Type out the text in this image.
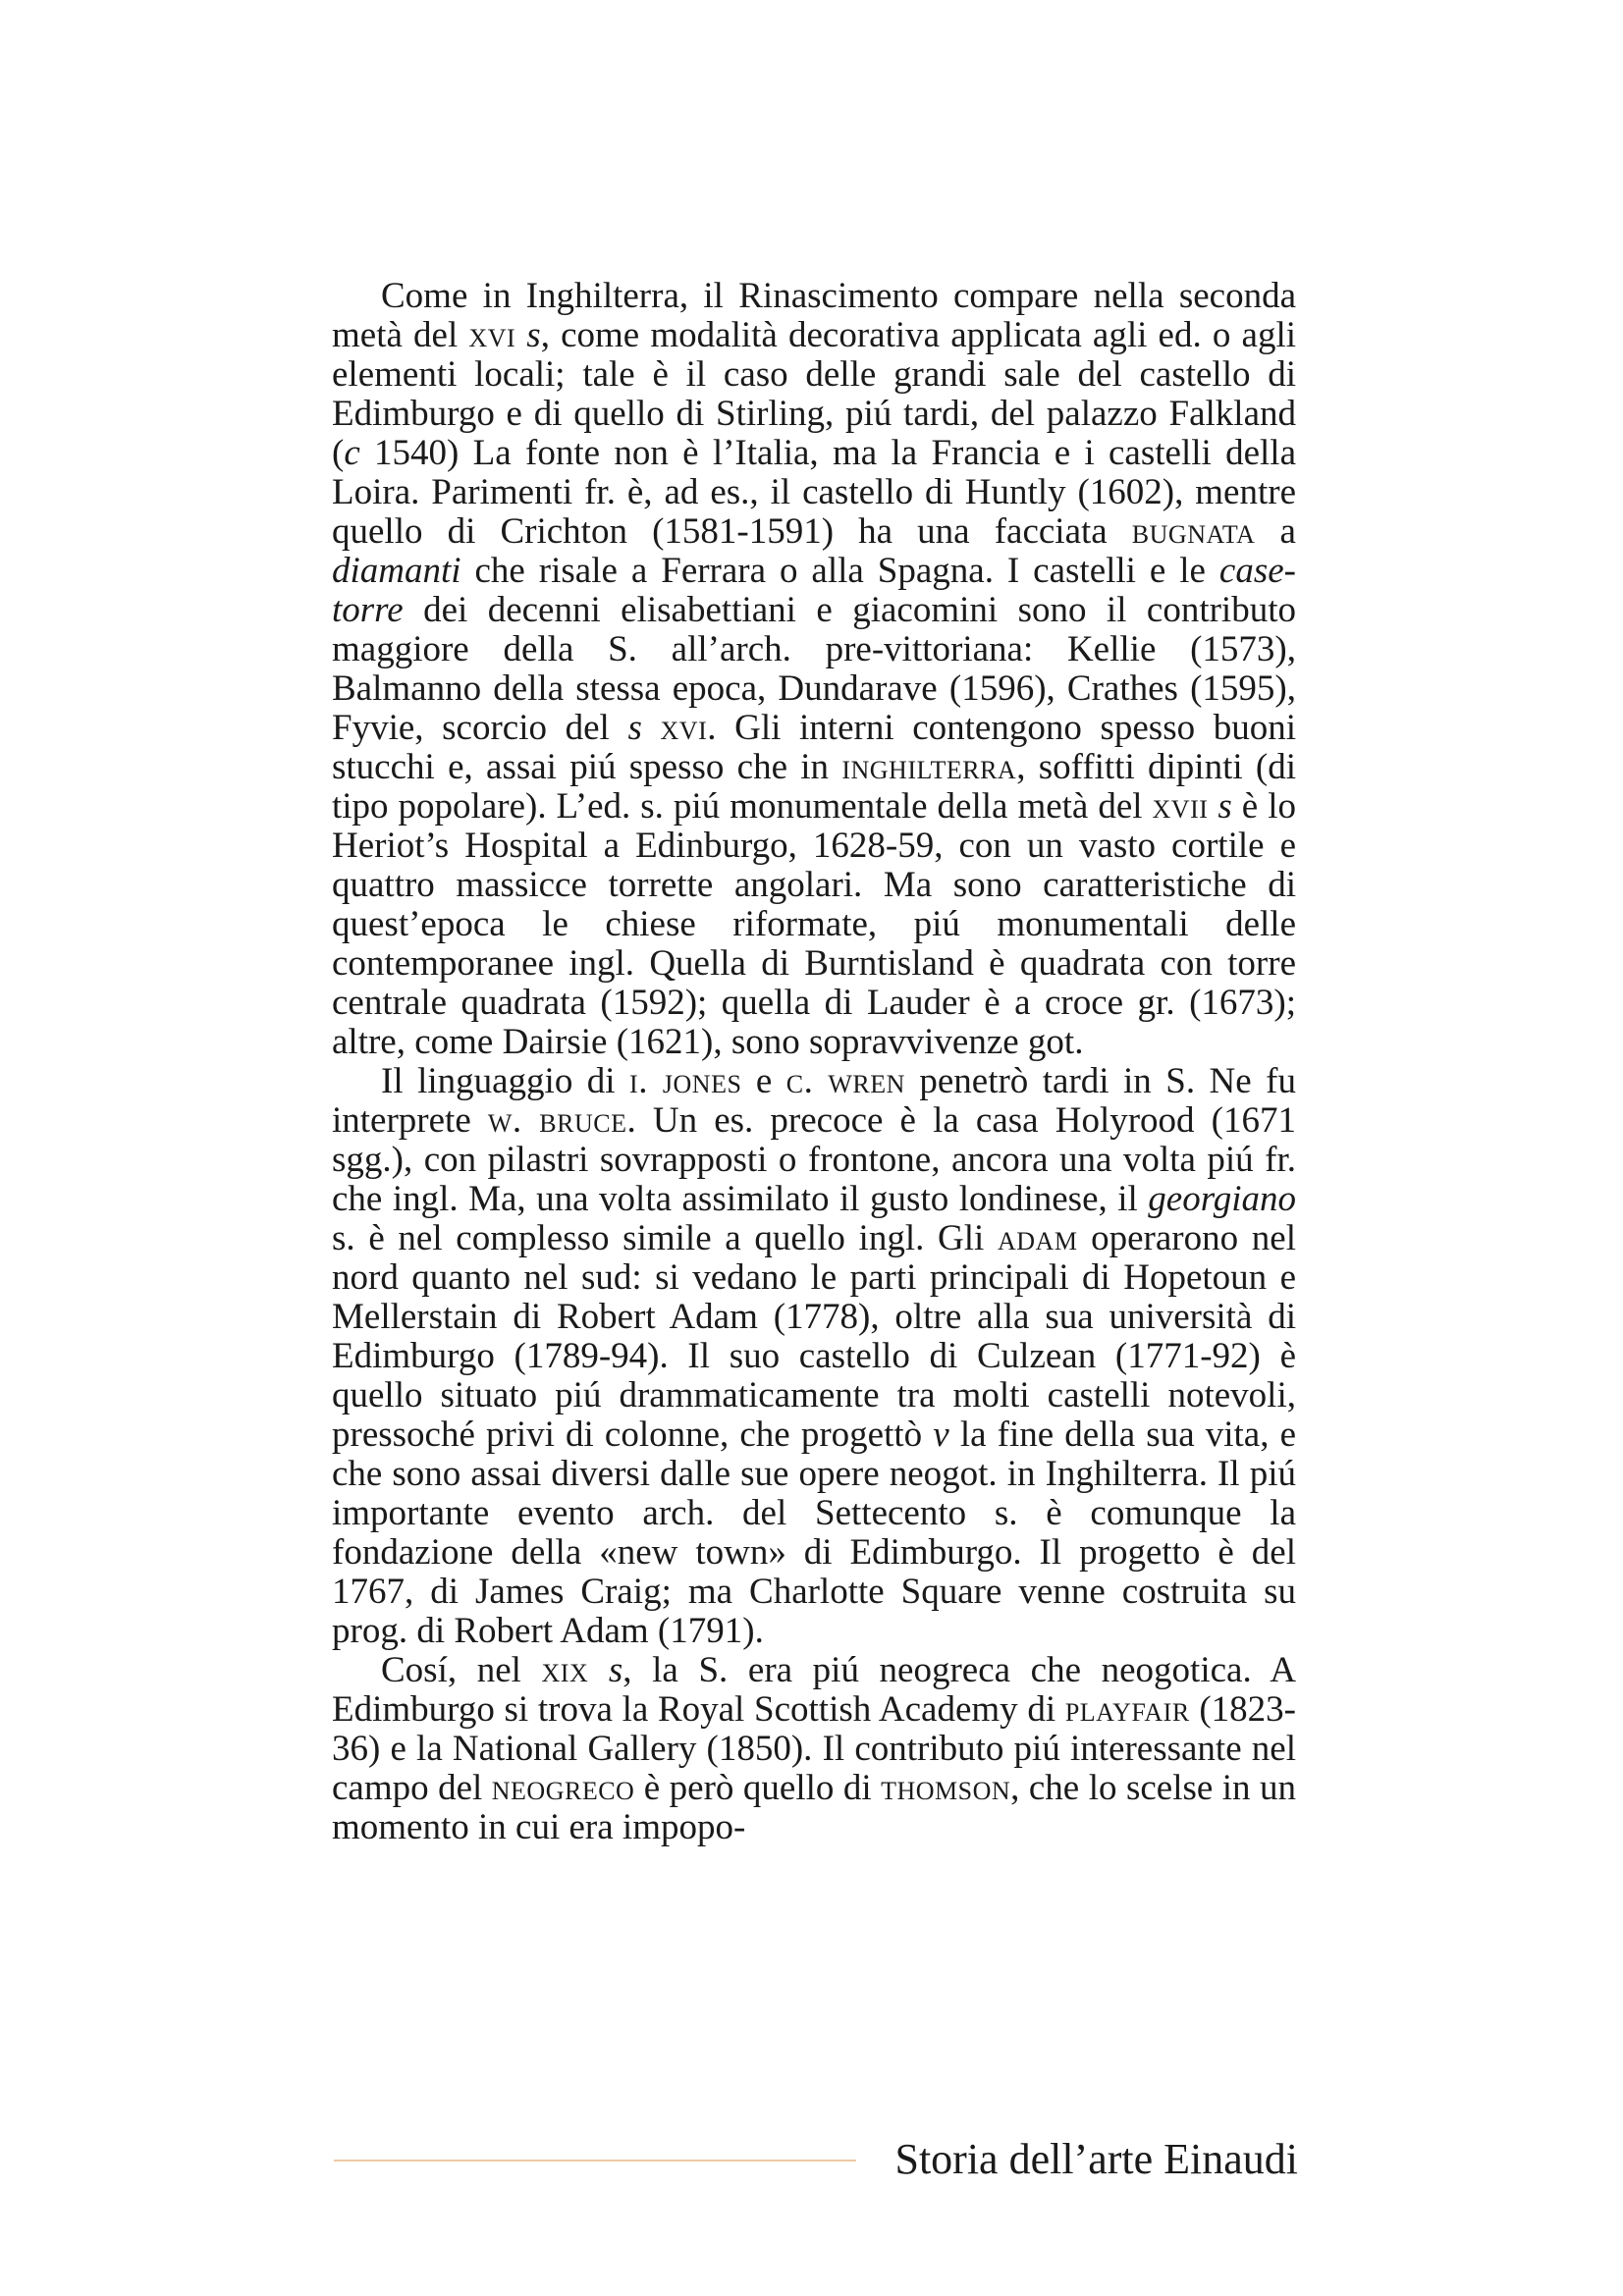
Come in Inghilterra, il Rinascimento compare nella seconda metà del xvi s, come modalità decorativa applicata agli ed. o agli elementi locali; tale è il caso delle grandi sale del castello di Edimburgo e di quello di Stirling, piú tardi, del palazzo Falkland (c 1540) La fonte non è l’Italia, ma la Francia e i castelli della Loira. Parimenti fr. è, ad es., il castello di Huntly (1602), mentre quello di Crichton (1581-1591) ha una facciata bugnata a diamanti che risale a Ferrara o alla Spagna. I castelli e le case-torre dei decenni elisabettiani e giacomini sono il contributo maggiore della S. all’arch. pre-vittoriana: Kellie (1573), Balmanno della stessa epoca, Dundarave (1596), Crathes (1595), Fyvie, scorcio del s xvi. Gli interni contengono spesso buoni stucchi e, assai piú spesso che in inghilterra, soffitti dipinti (di tipo popolare). L’ed. s. piú monumentale della metà del xvii s è lo Heriot’s Hospital a Edinburgo, 1628-59, con un vasto cortile e quattro massicce torrette angolari. Ma sono caratteristiche di quest’epoca le chiese riformate, piú monumentali delle contemporanee ingl. Quella di Burntisland è quadrata con torre centrale quadrata (1592); quella di Lauder è a croce gr. (1673); altre, come Dairsie (1621), sono sopravvivenze got.

Il linguaggio di i. jones e c. wren penetrò tardi in S. Ne fu interprete w. bruce. Un es. precoce è la casa Holyrood (1671 sgg.), con pilastri sovrapposti o frontone, ancora una volta piú fr. che ingl. Ma, una volta assimilato il gusto londinese, il georgiano s. è nel complesso simile a quello ingl. Gli adam operarono nel nord quanto nel sud: si vedano le parti principali di Hopetoun e Mellerstain di Robert Adam (1778), oltre alla sua università di Edimburgo (1789-94). Il suo castello di Culzean (1771-92) è quello situato piú drammaticamente tra molti castelli notevoli, pressoché privi di colonne, che progettò v la fine della sua vita, e che sono assai diversi dalle sue opere neogot. in Inghilterra. Il piú importante evento arch. del Settecento s. è comunque la fondazione della «new town» di Edimburgo. Il progetto è del 1767, di James Craig; ma Charlotte Square venne costruita su prog. di Robert Adam (1791).

Cosí, nel xix s, la S. era piú neogreca che neogotica. A Edimburgo si trova la Royal Scottish Academy di playfair (1823-36) e la National Gallery (1850). Il contributo piú interessante nel campo del neogreco è però quello di thomson, che lo scelse in un momento in cui era impopo-

Storia dell’arte Einaudi
